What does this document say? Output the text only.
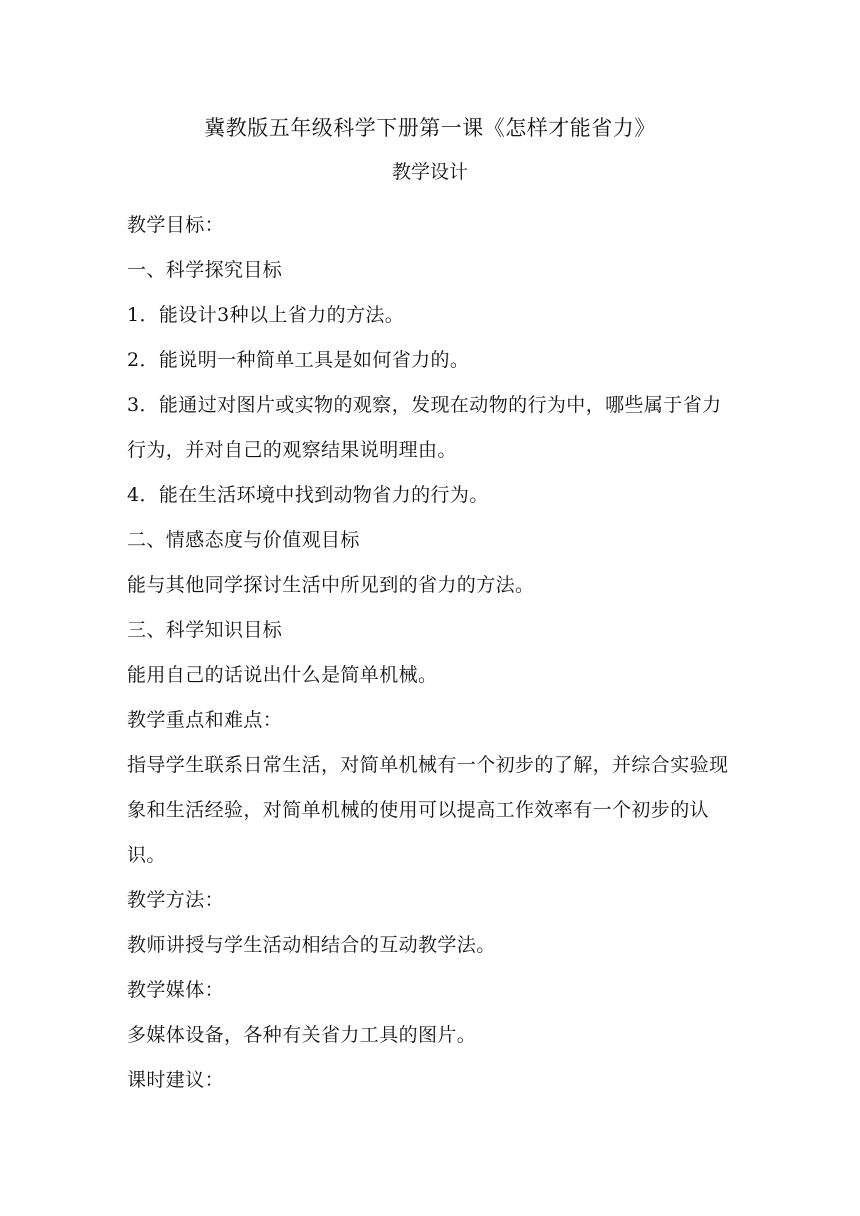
冀教版五年级科学下册第一课《怎样才能省力》
教学设计

教学目标：

一、科学探究目标

1．能设计3种以上省力的方法。

2．能说明一种简单工具是如何省力的。

3．能通过对图片或实物的观察，发现在动物的行为中，哪些属于省力行为，并对自己的观察结果说明理由。

4．能在生活环境中找到动物省力的行为。

二、情感态度与价值观目标

能与其他同学探讨生活中所见到的省力的方法。

三、科学知识目标

能用自己的话说出什么是简单机械。

教学重点和难点：

指导学生联系日常生活，对简单机械有一个初步的了解，并综合实验现象和生活经验，对简单机械的使用可以提高工作效率有一个初步的认识。

教学方法：

教师讲授与学生活动相结合的互动教学法。

教学媒体：

多媒体设备，各种有关省力工具的图片。

课时建议：
